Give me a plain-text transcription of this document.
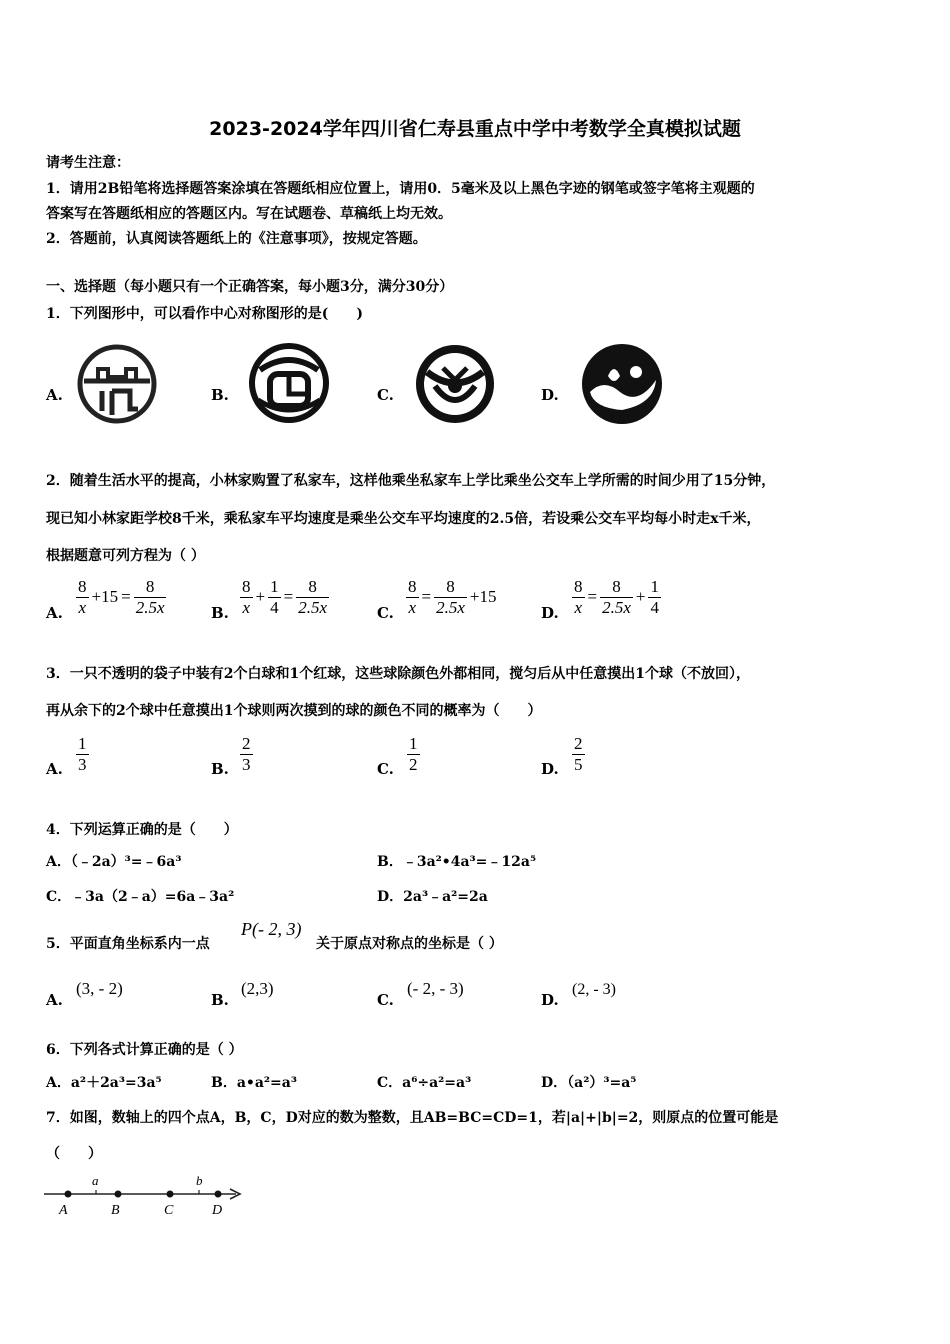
2023-2024学年四川省仁寿县重点中学中考数学全真模拟试题
请考生注意：
1．请用2B铅笔将选择题答案涂填在答题纸相应位置上，请用0．5毫米及以上黑色字迹的钢笔或签字笔将主观题的
答案写在答题纸相应的答题区内。写在试题卷、草稿纸上均无效。
2．答题前，认真阅读答题纸上的《注意事项》，按规定答题。
一、选择题（每小题只有一个正确答案，每小题3分，满分30分）
1．下列图形中，可以看作中心对称图形的是(　　)
A.	B.	C.	D.
2．随着生活水平的提高，小林家购置了私家车，这样他乘坐私家车上学比乘坐公交车上学所需的时间少用了15分钟，
现已知小林家距学校8千米，乘私家车平均速度是乘坐公交车平均速度的2.5倍，若设乘公交车平均每小时走x千米，
根据题意可列方程为（ ）
A. $\frac{8}{x} +15 = \frac{8}{2.5x}$	B. $\frac{8}{x} + \frac{1}{4} = \frac{8}{2.5x}$	C. $\frac{8}{x} = \frac{8}{2.5x} +15$
D. $\frac{8}{x} = \frac{8}{2.5x} + \frac{1}{4}$
3．一只不透明的袋子中装有2个白球和1个红球，这些球除颜色外都相同，搅匀后从中任意摸出1个球（不放回），
再从余下的2个球中任意摸出1个球则两次摸到的球的颜色不同的概率为（　　）
A. $\frac{1}{3}$	B. $\frac{2}{3}$	C. $\frac{1}{2}$	D. $\frac{2}{5}$
4．下列运算正确的是（　　）
A．（﹣2a）³=﹣6a³	B．﹣3a²•4a³=﹣12a⁵
C．﹣3a（2﹣a）=6a﹣3a²	D．2a³﹣a²=2a
5．平面直角坐标系内一点
P(- 2, 3)
关于原点对称点的坐标是（ ）
A.
(3, - 2)
B.
(2,3)
C.
(- 2, - 3)
D.
(2, - 3)
6．下列各式计算正确的是（ ）
A．a²＋2a³=3a⁵	B．a•a²=a³	C．a⁶÷a²=a³	D．（a²）³=a⁵
7．如图，数轴上的四个点A，B，C，D对应的数为整数，且AB=BC=CD=1，若|a|+|b|=2，则原点的位置可能是
（　　）
a	b
A	B	C	D
